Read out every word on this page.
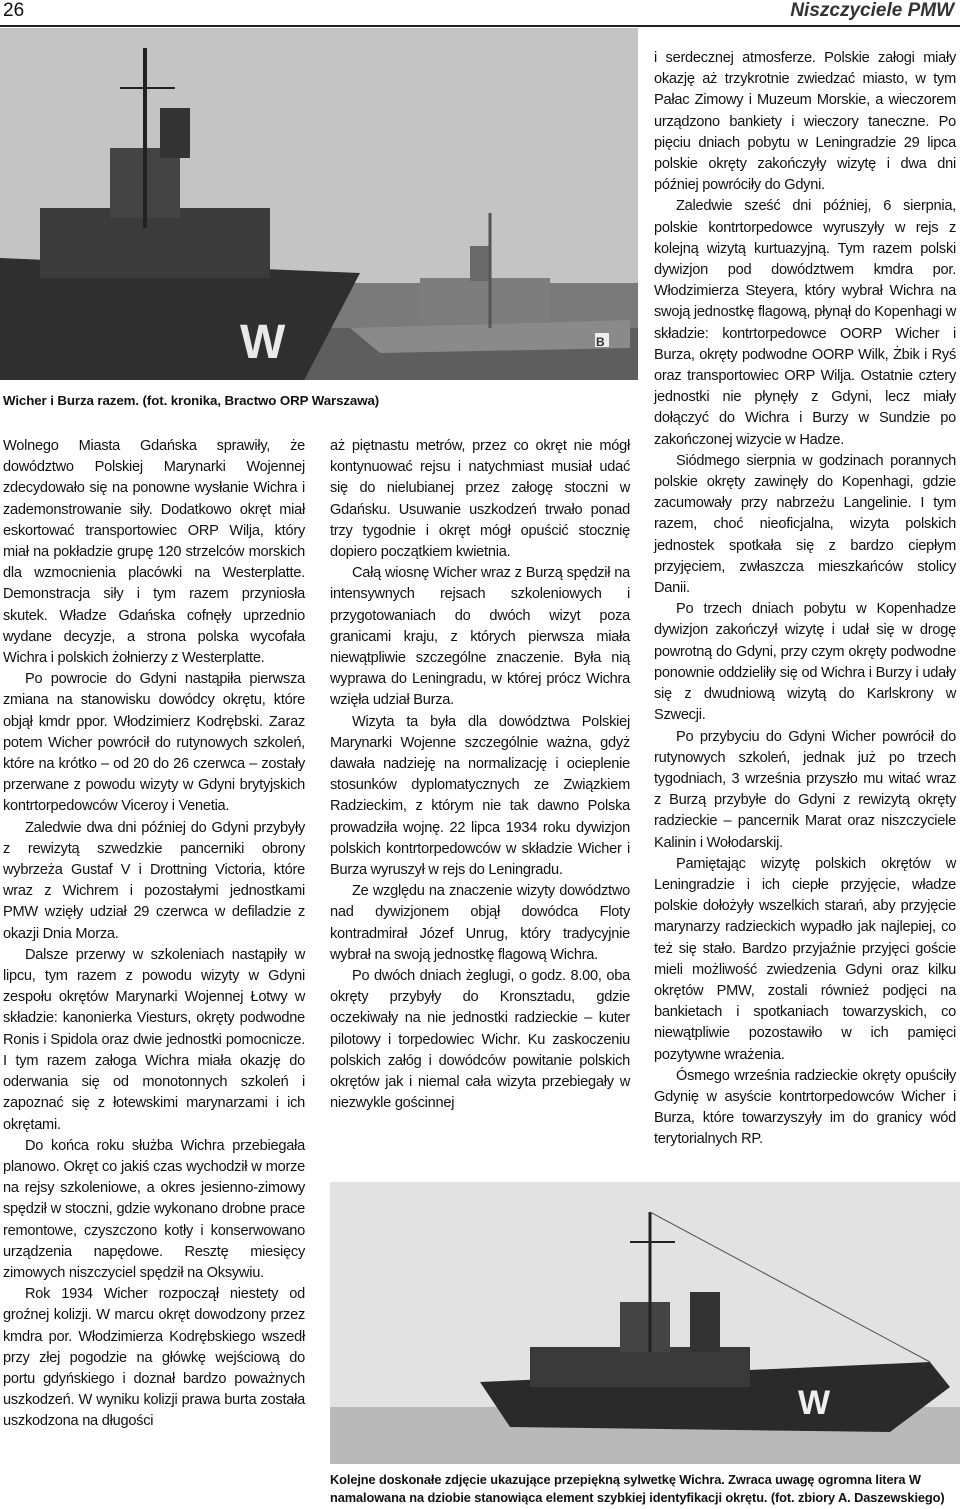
26	Niszczyciele PMW
B
W
Wicher i Burza razem. (fot. kronika, Bractwo ORP Warszawa)

Wolnego Miasta Gdańska sprawiły, że dowództwo Polskiej Marynarki Wojennej zdecydowało się na ponowne wysłanie Wichra i zademonstrowanie siły. Dodatkowo okręt miał eskortować transportowiec ORP Wilja, który miał na pokładzie grupę 120 strzelców morskich dla wzmocnienia placówki na Westerplatte. Demonstracja siły i tym razem przyniosła skutek. Władze Gdańska cofnęły uprzednio wydane decyzje, a strona polska wycofała Wichra i polskich żołnierzy z Westerplatte.

Po powrocie do Gdyni nastąpiła pierwsza zmiana na stanowisku dowódcy okrętu, które objął kmdr ppor. Włodzimierz Kodrębski. Zaraz potem Wicher powrócił do rutynowych szkoleń, które na krótko – od 20 do 26 czerwca – zostały przerwane z powodu wizyty w Gdyni brytyjskich kontrtorpedowców Viceroy i Venetia.

Zaledwie dwa dni później do Gdyni przybyły z rewizytą szwedzkie pancerniki obrony wybrzeża Gustaf V i Drottning Victoria, które wraz z Wichrem i pozostałymi jednostkami PMW wzięły udział 29 czerwca w defiladzie z okazji Dnia Morza.

Dalsze przerwy w szkoleniach nastąpiły w lipcu, tym razem z powodu wizyty w Gdyni zespołu okrętów Marynarki Wojennej Łotwy w składzie: kanonierka Viesturs, okręty podwodne Ronis i Spidola oraz dwie jednostki pomocnicze. I tym razem załoga Wichra miała okazję do oderwania się od monotonnych szkoleń i zapoznać się z łotewskimi marynarzami i ich okrętami.

Do końca roku służba Wichra przebiegała planowo. Okręt co jakiś czas wychodził w morze na rejsy szkoleniowe, a okres jesienno-zimowy spędził w stoczni, gdzie wykonano drobne prace remontowe, czyszczono kotły i konserwowano urządzenia napędowe. Resztę miesięcy zimowych niszczyciel spędził na Oksywiu.

Rok 1934 Wicher rozpoczął niestety od groźnej kolizji. W marcu okręt dowodzony przez kmdra por. Włodzimierza Kodrębskiego wszedł przy złej pogodzie na główkę wejściową do portu gdyńskiego i doznał bardzo poważnych uszkodzeń. W wyniku kolizji prawa burta została uszkodzona na długości

aż piętnastu metrów, przez co okręt nie mógł kontynuować rejsu i natychmiast musiał udać się do nielubianej przez załogę stoczni w Gdańsku. Usuwanie uszkodzeń trwało ponad trzy tygodnie i okręt mógł opuścić stocznię dopiero początkiem kwietnia.

Całą wiosnę Wicher wraz z Burzą spędził na intensywnych rejsach szkoleniowych i przygotowaniach do dwóch wizyt poza granicami kraju, z których pierwsza miała niewątpliwie szczególne znaczenie. Była nią wyprawa do Leningradu, w której prócz Wichra wzięła udział Burza.

Wizyta ta była dla dowództwa Polskiej Marynarki Wojenne szczególnie ważna, gdyż dawała nadzieję na normalizację i ocieplenie stosunków dyplomatycznych ze Związkiem Radzieckim, z którym nie tak dawno Polska prowadziła wojnę. 22 lipca 1934 roku dywizjon polskich kontrtorpedowców w składzie Wicher i Burza wyruszył w rejs do Leningradu.

Ze względu na znaczenie wizyty dowództwo nad dywizjonem objął dowódca Floty kontradmirał Józef Unrug, który tradycyjnie wybrał na swoją jednostkę flagową Wichra.

Po dwóch dniach żeglugi, o godz. 8.00, oba okręty przybyły do Kronsztadu, gdzie oczekiwały na nie jednostki radzieckie – kuter pilotowy i torpedowiec Wichr. Ku zaskoczeniu polskich załóg i dowódców powitanie polskich okrętów jak i niemal cała wizyta przebiegały w niezwykle gościnnej

i serdecznej atmosferze. Polskie załogi miały okazję aż trzykrotnie zwiedzać miasto, w tym Pałac Zimowy i Muzeum Morskie, a wieczorem urządzono bankiety i wieczory taneczne. Po pięciu dniach pobytu w Leningradzie 29 lipca polskie okręty zakończyły wizytę i dwa dni później powróciły do Gdyni.

Zaledwie sześć dni później, 6 sierpnia, polskie kontrtorpedowce wyruszyły w rejs z kolejną wizytą kurtuazyjną. Tym razem polski dywizjon pod dowództwem kmdra por. Włodzimierza Steyera, który wybrał Wichra na swoją jednostkę flagową, płynął do Kopenhagi w składzie: kontrtorpedowce OORP Wicher i Burza, okręty podwodne OORP Wilk, Żbik i Ryś oraz transportowiec ORP Wilja. Ostatnie cztery jednostki nie płynęły z Gdyni, lecz miały dołączyć do Wichra i Burzy w Sundzie po zakończonej wizycie w Hadze.

Siódmego sierpnia w godzinach porannych polskie okręty zawinęły do Kopenhagi, gdzie zacumowały przy nabrzeżu Langelinie. I tym razem, choć nieoficjalna, wizyta polskich jednostek spotkała się z bardzo ciepłym przyjęciem, zwłaszcza mieszkańców stolicy Danii.

Po trzech dniach pobytu w Kopenhadze dywizjon zakończył wizytę i udał się w drogę powrotną do Gdyni, przy czym okręty podwodne ponownie oddzieliły się od Wichra i Burzy i udały się z dwudniową wizytą do Karlskrony w Szwecji.

Po przybyciu do Gdyni Wicher powrócił do rutynowych szkoleń, jednak już po trzech tygodniach, 3 września przyszło mu witać wraz z Burzą przybyłe do Gdyni z rewizytą okręty radzieckie – pancernik Marat oraz niszczyciele Kalinin i Wołodarskij.

Pamiętając wizytę polskich okrętów w Leningradzie i ich ciepłe przyjęcie, władze polskie dołożyły wszelkich starań, aby przyjęcie marynarzy radzieckich wypadło jak najlepiej, co też się stało. Bardzo przyjaźnie przyjęci goście mieli możliwość zwiedzenia Gdyni oraz kilku okrętów PMW, zostali również podjęci na bankietach i spotkaniach towarzyskich, co niewątpliwie pozostawiło w ich pamięci pozytywne wrażenia.

Ósmego września radzieckie okręty opuściły Gdynię w asyście kontrtorpedowców Wicher i Burza, które towarzyszyły im do granicy wód terytorialnych RP.

W
Kolejne doskonałe zdjęcie ukazujące przepiękną sylwetkę Wichra. Zwraca uwagę ogromna litera W namalowana na dziobie stanowiąca element szybkiej identyfikacji okrętu. (fot. zbiory A. Daszewskiego)
